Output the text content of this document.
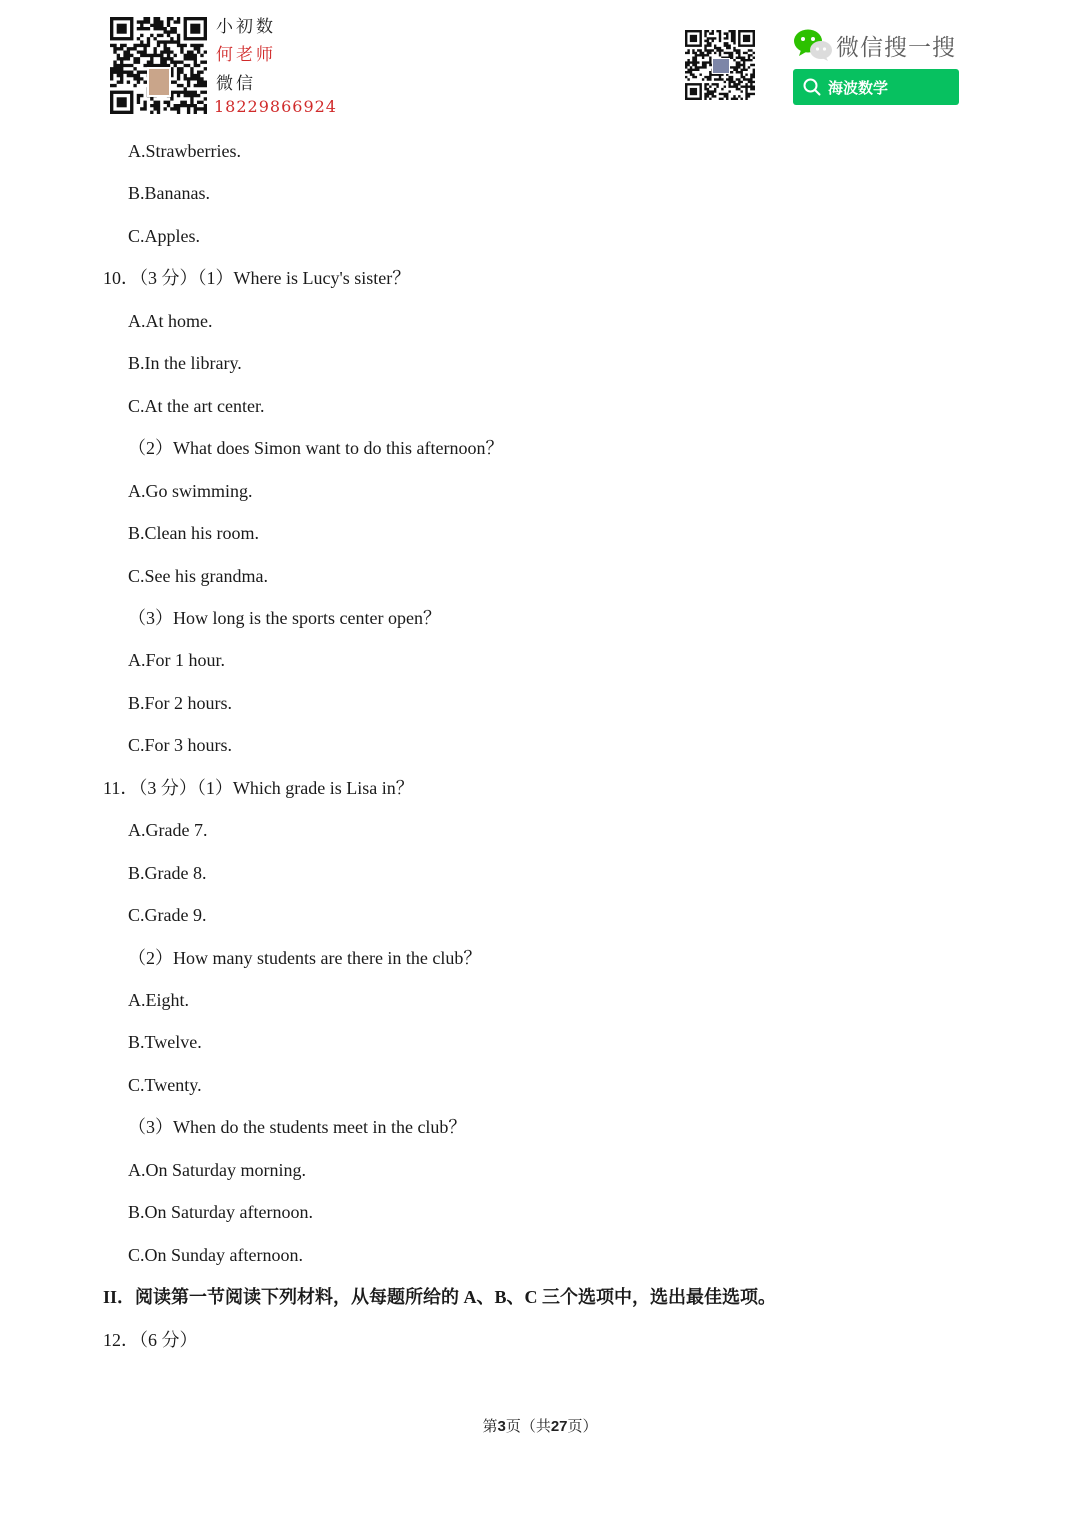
小初数
何老师
微信
18229866924
微信搜一搜
海波数学
A.Strawberries.
B.Bananas.
C.Apples.
10．（3 分）（1）Where is Lucy's sister？
A.At home.
B.In the library.
C.At the art center.
（2）What does Simon want to do this afternoon？
A.Go swimming.
B.Clean his room.
C.See his grandma.
（3）How long is the sports center open？
A.For 1 hour.
B.For 2 hours.
C.For 3 hours.
11．（3 分）（1）Which grade is Lisa in？
A.Grade 7.
B.Grade 8.
C.Grade 9.
（2）How many students are there in the club？
A.Eight.
B.Twelve.
C.Twenty.
（3）When do the students meet in the club？
A.On Saturday morning.
B.On Saturday afternoon.
C.On Sunday afternoon.
II．阅读第一节阅读下列材料，从每题所给的 A、B、C 三个选项中，选出最佳选项。
12．（6 分）
第3页（共27页）
